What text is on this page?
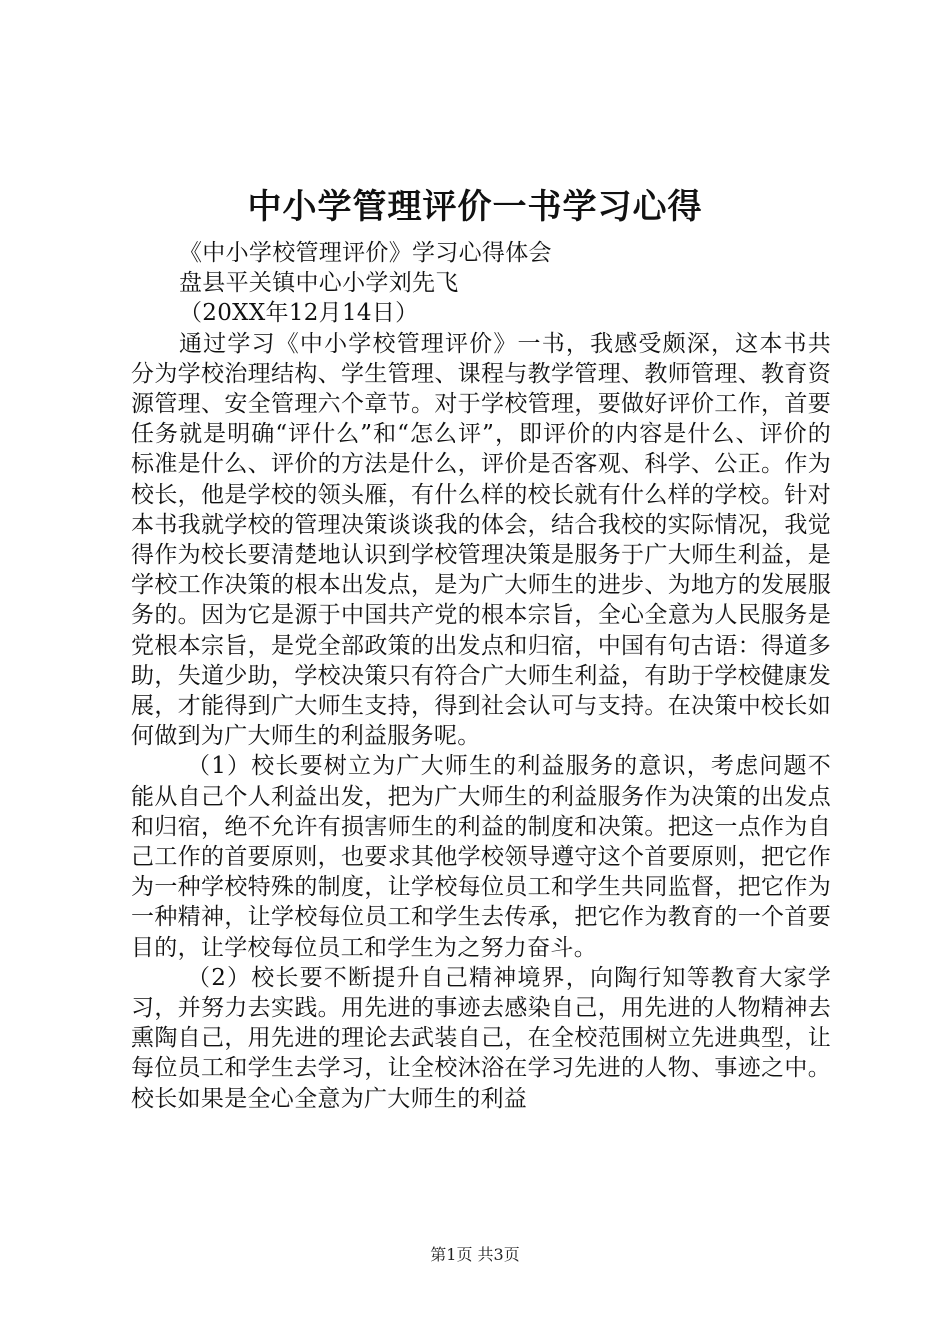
中小学管理评价一书学习心得

《中小学校管理评价》学习心得体会

盘县平关镇中心小学刘先飞

（20XX年12月14日）

通过学习《中小学校管理评价》一书，我感受颇深，这本书共分为学校治理结构、学生管理、课程与教学管理、教师管理、教育资源管理、安全管理六个章节。对于学校管理，要做好评价工作，首要任务就是明确“评什么”和“怎么评”，即评价的内容是什么、评价的标准是什么、评价的方法是什么，评价是否客观、科学、公正。作为校长，他是学校的领头雁，有什么样的校长就有什么样的学校。针对本书我就学校的管理决策谈谈我的体会，结合我校的实际情况，我觉得作为校长要清楚地认识到学校管理决策是服务于广大师生利益，是学校工作决策的根本出发点，是为广大师生的进步、为地方的发展服务的。因为它是源于中国共产党的根本宗旨，全心全意为人民服务是党根本宗旨，是党全部政策的出发点和归宿，中国有句古语：得道多助，失道少助，学校决策只有符合广大师生利益，有助于学校健康发展，才能得到广大师生支持，得到社会认可与支持。在决策中校长如何做到为广大师生的利益服务呢。

（1）校长要树立为广大师生的利益服务的意识，考虑问题不能从自己个人利益出发，把为广大师生的利益服务作为决策的出发点和归宿，绝不允许有损害师生的利益的制度和决策。把这一点作为自己工作的首要原则，也要求其他学校领导遵守这个首要原则，把它作为一种学校特殊的制度，让学校每位员工和学生共同监督，把它作为一种精神，让学校每位员工和学生去传承，把它作为教育的一个首要目的，让学校每位员工和学生为之努力奋斗。

（2）校长要不断提升自己精神境界，向陶行知等教育大家学习，并努力去实践。用先进的事迹去感染自己，用先进的人物精神去熏陶自己，用先进的理论去武装自己，在全校范围树立先进典型，让每位员工和学生去学习，让全校沐浴在学习先进的人物、事迹之中。校长如果是全心全意为广大师生的利益

第1页 共3页
